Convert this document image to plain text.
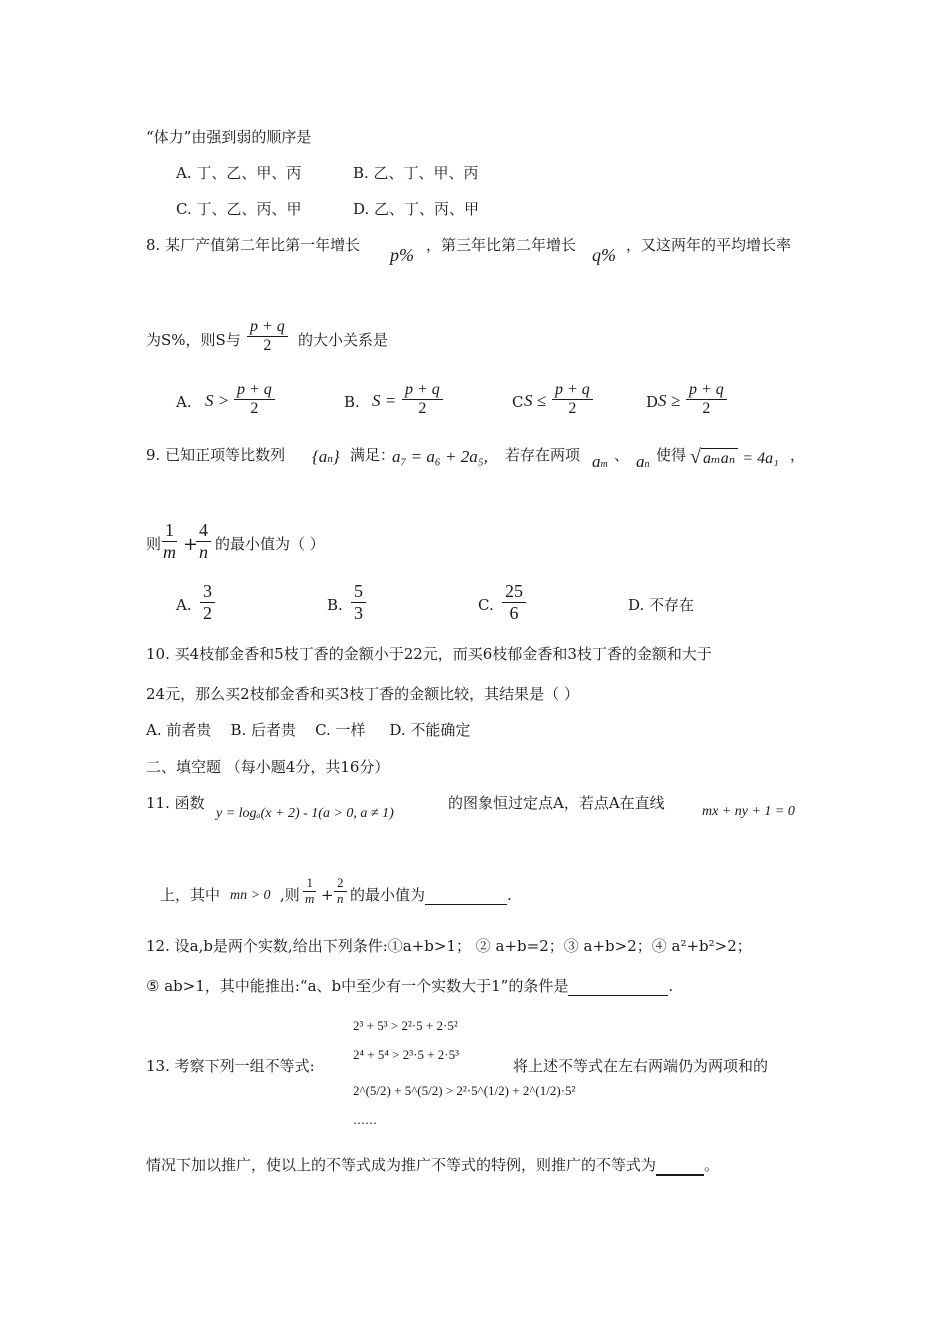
“体力”由强到弱的顺序是
A. 丁、乙、甲、丙	B. 乙、丁、甲、丙
C. 丁、乙、丙、甲	D. 乙、丁、丙、甲
8. 某厂产值第二年比第一年增长 p% ，第三年比第二年增长 q% ，又这两年的平均增长率
为S%，则S与 $\frac{p + q}{2}$ 的大小关系是
A. $S > \frac{p + q}{2}$	B. $S = \frac{p + q}{2}$	C $S \le \frac{p + q}{2}$	D $S \ge \frac{p + q}{2}$
9. 已知正项等比数列 {an} 满足：
a₇ = a₆ + 2a₅, 若存在两项 am
、 an
使得 √ aₘaₙ = 4a₁ ，
则
$\frac{1}{m}$ +
$\frac{4}{n}$ 的最小值为（ ）
A. $\frac{3}{2}$	B. $\frac{5}{3}$	C. $\frac{25}{6}$	D. 不存在
10. 买4枝郁金香和5枝丁香的金额小于22元，而买6枝郁金香和3枝丁香的金额和大于
24元，那么买2枝郁金香和买3枝丁香的金额比较，其结果是（ ）
A. 前者贵    B. 后者贵    C. 一样     D. 不能确定
二、填空题 （每小题4分，共16分）
11. 函数
y = logₐ(x + 2) - 1(a > 0, a ≠ 1)
的图象恒过定点A，若点A在直线	mx + ny + 1 = 0
上，其中 mn > 0 ,则 $\frac{1}{m} + \frac{2}{n}$ 的最小值为	.
12. 设a,b是两个实数,给出下列条件:①a+b>1； ② a+b=2；③ a+b>2；④ a²+b²>2；
⑤ ab>1，其中能推出:“a、b中至少有一个实数大于1”的条件是	.
2³ + 5³ > 2²·5 + 2·5²
2⁴ + 5⁴ > 2³·5 + 2·5³
13. 考察下列一组不等式:
2^(5/2) + 5^(5/2) > 2²·5^(1/2) + 2^(1/2)·5²
将上述不等式在左右两端仍为两项和的
……
情况下加以推广，使以上的不等式成为推广不等式的特例，则推广的不等式为	。
